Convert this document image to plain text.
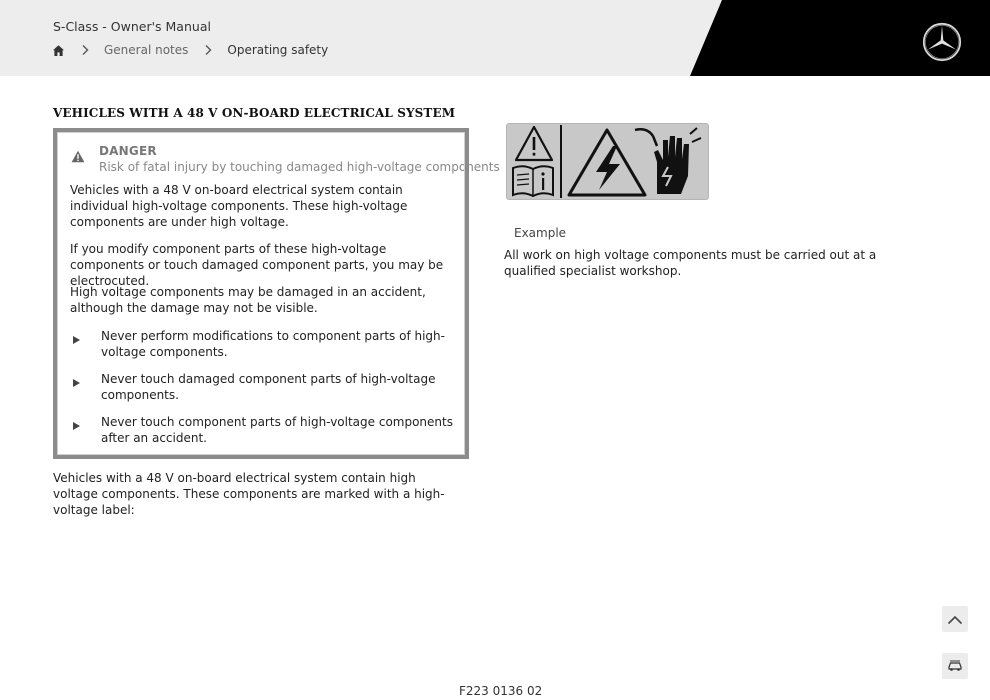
S-Class - Owner's Manual
General notes	Operating safety
VEHICLES WITH A 48 V ON-BOARD ELECTRICAL SYSTEM
DANGER
Risk of fatal injury by touching damaged high-voltage components
Vehicles with a 48 V on-board electrical system contain individual high-voltage components. These high-voltage components are under high voltage.
If you modify component parts of these high-voltage components or touch damaged component parts, you may be electrocuted.
High voltage components may be damaged in an accident, although the damage may not be visible.
Never perform modifications to component parts of high-voltage components.
Never touch damaged component parts of high-voltage components.
Never touch component parts of high-voltage components after an accident.
Vehicles with a 48 V on-board electrical system contain high voltage components. These components are marked with a high-voltage label:
Example
All work on high voltage components must be carried out at a qualified specialist workshop.
F223 0136 02
